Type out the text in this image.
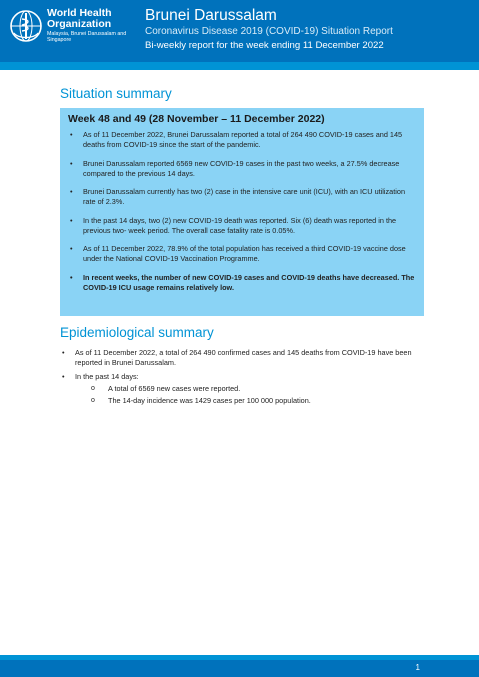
World Health Organization
Malaysia, Brunei Darussalam and Singapore
Brunei Darussalam
Coronavirus Disease 2019 (COVID-19) Situation Report
Bi-weekly report for the week ending 11 December 2022
Situation summary
Week 48 and 49 (28 November – 11 December 2022)
• As of 11 December 2022, Brunei Darussalam reported a total of 264 490 COVID-19 cases and 145 deaths from COVID-19 since the start of the pandemic.
• Brunei Darussalam reported 6569 new COVID-19 cases in the past two weeks, a 27.5% decrease compared to the previous 14 days.
• Brunei Darussalam currently has two (2) case in the intensive care unit (ICU), with an ICU utilization rate of 2.3%.
• In the past 14 days, two (2) new COVID-19 death was reported. Six (6) death was reported in the previous two- week period. The overall case fatality rate is 0.05%.
• As of 11 December 2022, 78.9% of the total population has received a third COVID-19 vaccine dose under the National COVID-19 Vaccination Programme.
• In recent weeks, the number of new COVID-19 cases and COVID-19 deaths have decreased. The COVID-19 ICU usage remains relatively low.
Epidemiological summary
• As of 11 December 2022, a total of 264 490 confirmed cases and 145 deaths from COVID-19 have been reported in Brunei Darussalam.
• In the past 14 days:
o A total of 6569 new cases were reported.
o The 14-day incidence was 1429 cases per 100 000 population.
1
